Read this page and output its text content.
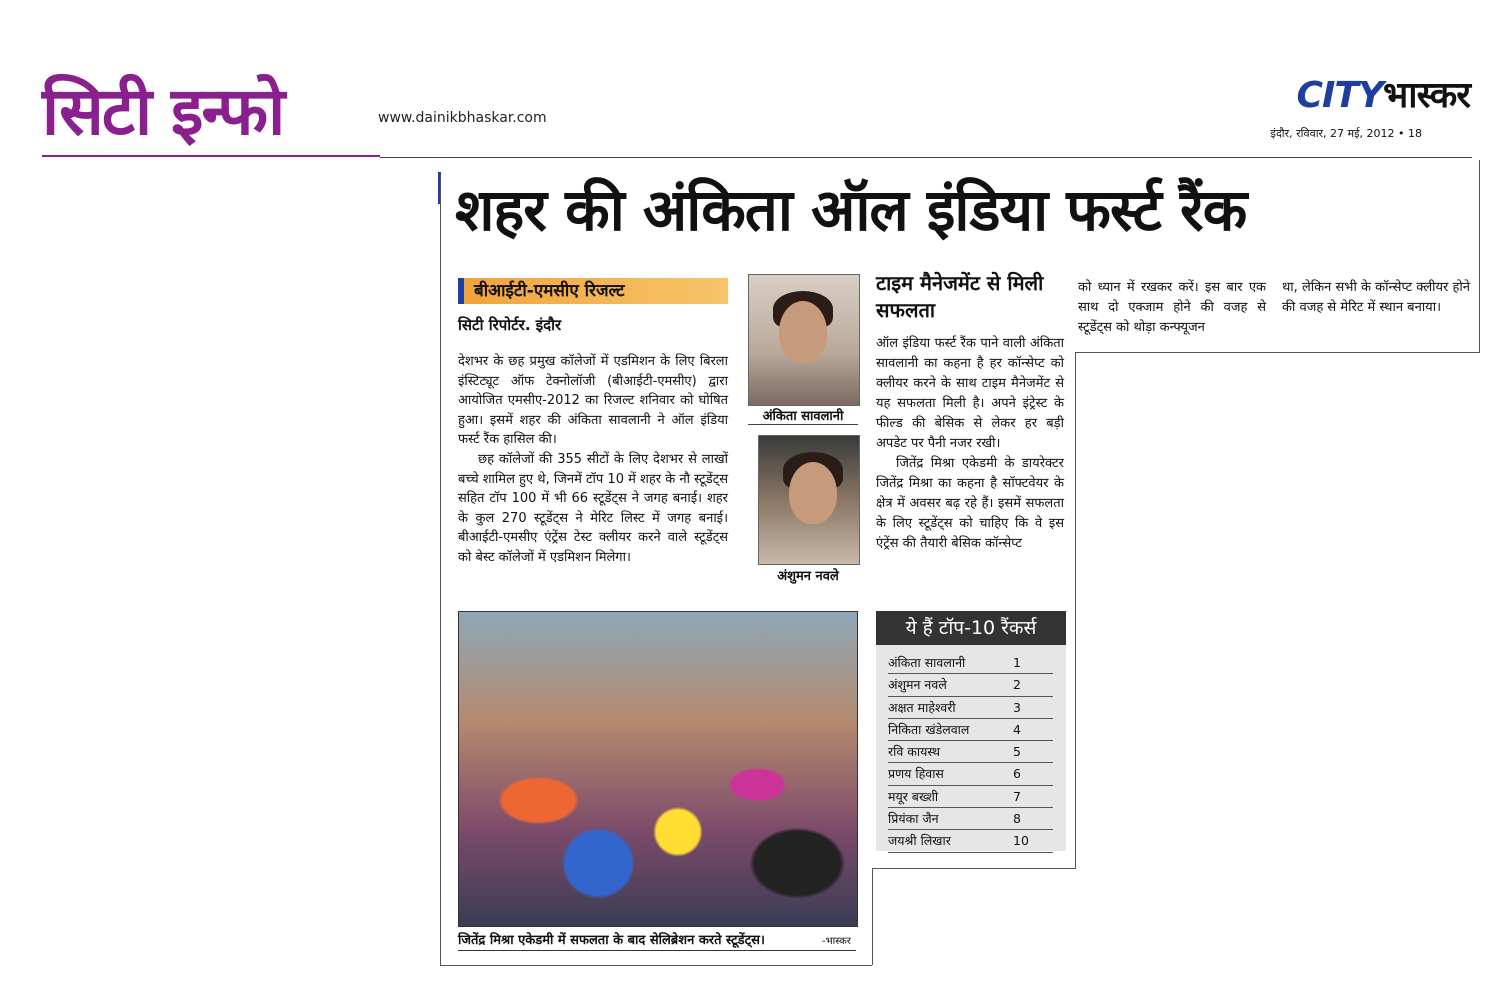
सिटी इन्फो	www.dainikbhaskar.com
CITYभास्कर
इंदौर, रविवार, 27 मई, 2012 • 18
शहर की अंकिता ऑल इंडिया फर्स्ट रैंक
बीआईटी-एमसीए रिजल्ट
सिटी रिपोर्टर. इंदौर

देशभर के छह प्रमुख कॉलेजों में एडमिशन के लिए बिरला इंस्टिट्यूट ऑफ टेक्नोलॉजी (बीआईटी-एमसीए) द्वारा आयोजित एमसीए-2012 का रिजल्ट शनिवार को घोषित हुआ। इसमें शहर की अंकिता सावलानी ने ऑल इंडिया फर्स्ट रैंक हासिल की।

छह कॉलेजों की 355 सीटों के लिए देशभर से लाखों बच्चे शामिल हुए थे, जिनमें टॉप 10 में शहर के नौ स्टूडेंट्स सहित टॉप 100 में भी 66 स्टूडेंट्स ने जगह बनाई। शहर के कुल 270 स्टूडेंट्स ने मेरिट लिस्ट में जगह बनाई। बीआईटी-एमसीए एंट्रेंस टेस्ट क्लीयर करने वाले स्टूडेंट्स को बेस्ट कॉलेजों में एडमिशन मिलेगा।

अंकिता सावलानी
अंशुमन नवले
टाइम मैनेजमेंट से मिली सफलता

ऑल इंडिया फर्स्ट रैंक पाने वाली अंकिता सावलानी का कहना है हर कॉन्सेप्ट को क्लीयर करने के साथ टाइम मैनेजमेंट से यह सफलता मिली है। अपने इंट्रेस्ट के फील्ड की बेसिक से लेकर हर बड़ी अपडेट पर पैनी नजर रखी।

जितेंद्र मिश्रा एकेडमी के डायरेक्टर जितेंद्र मिश्रा का कहना है सॉफ्टवेयर के क्षेत्र में अवसर बढ़ रहे हैं। इसमें सफलता के लिए स्टूडेंट्स को चाहिए कि वे इस एंट्रेंस की तैयारी बेसिक कॉन्सेप्ट

ये हैं टॉप-10 रैंकर्स
अंकिता सावलानी	1
अंशुमन नवले	2
अक्षत माहेश्वरी	3
निकिता खंडेलवाल	4
रवि कायस्थ	5
प्रणय हिवास	6
मयूर बख्शी	7
प्रियंका जैन	8
जयश्री लिखार	10
जितेंद्र मिश्रा एकेडमी में सफलता के बाद सेलिब्रेशन करते स्टूडेंट्स।	-भास्कर
को ध्यान में रखकर करें। इस बार एक साथ दो एक्जाम होने की वजह से स्टूडेंट्स को थोड़ा कन्फ्यूजन
था, लेकिन सभी के कॉन्सेप्ट क्लीयर होने की वजह से मेरिट में स्थान बनाया।
